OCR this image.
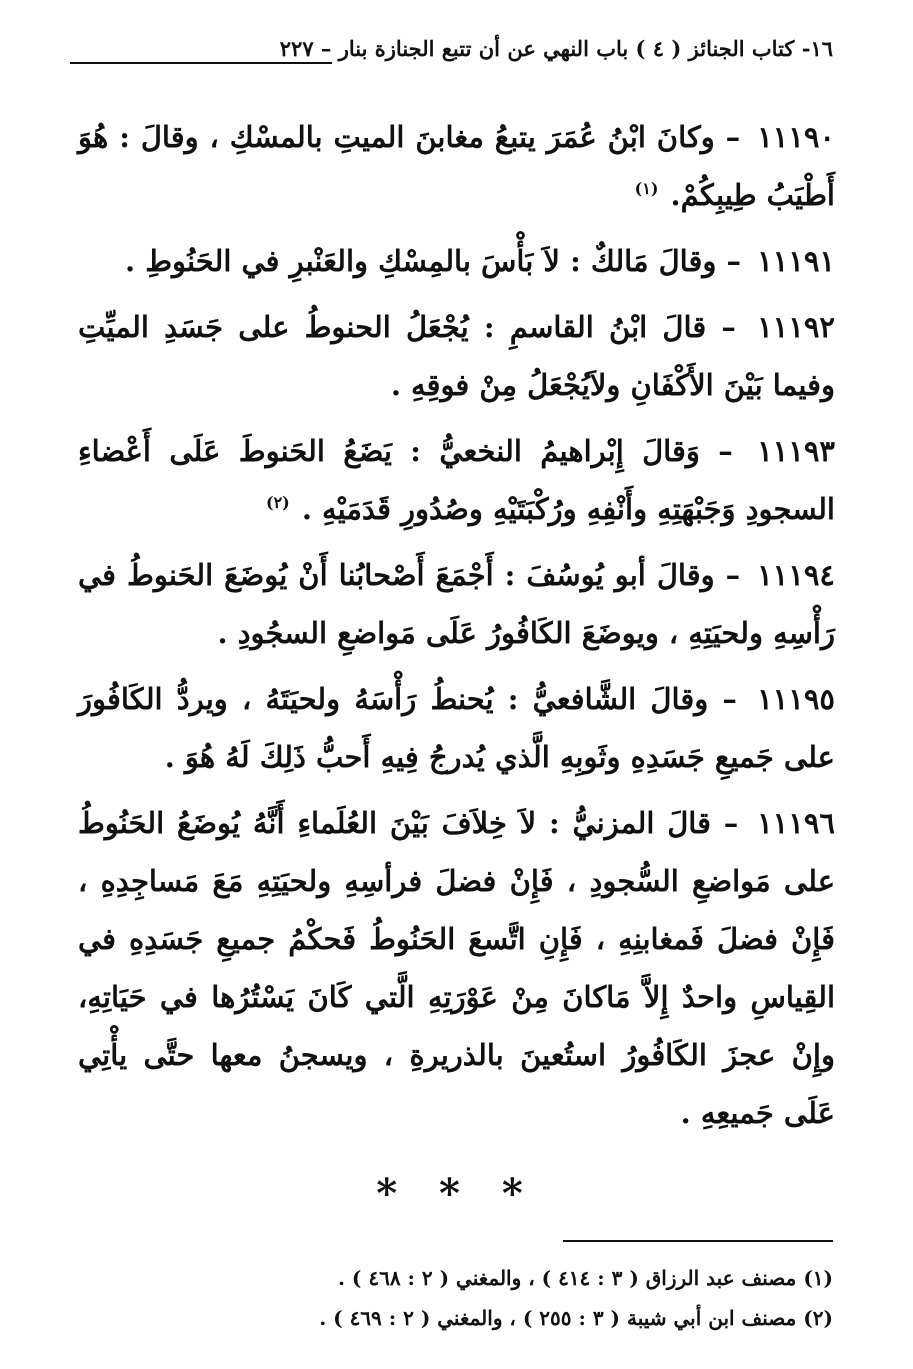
١٦- كتاب الجنائز ( ٤ ) باب النهي عن أن تتبع الجنازة بنار – ٢٢٧

١١١٩٠ – وكانَ ابْنُ عُمَرَ يتبعُ مغابنَ الميتِ بالمسْكِ ، وقالَ : هُوَ أَطْيَبُ طِيبِكُمْ. $^{(١)}$

١١١٩١ – وقالَ مَالكٌ : لاَ بَأْسَ بالمِسْكِ والعَنْبرِ في الحَنُوطِ .

١١١٩٢ – قالَ ابْنُ القاسمِ : يُجْعَلُ الحنوطُ على جَسَدِ الميِّتِ وفيما بَيْنَ الأَكْفَانِ ولاَيُجْعَلُ مِنْ فوقِهِ .

١١١٩٣ – وَقالَ إِبْراهيمُ النخعيُّ : يَضَعُ الحَنوطَ عَلَى أَعْضاءِ السجودِ وَجَبْهَتِهِ وأَنْفِهِ ورُكْبَتَيْهِ وصُدُورِ قَدَمَيْهِ . $^{(٢)}$

١١١٩٤ – وقالَ أبو يُوسُفَ : أَجْمَعَ أَصْحابُنا أَنْ يُوضَعَ الحَنوطُ في رَأْسِهِ ولحيَتِهِ ، ويوضَعَ الكَافُورُ عَلَى مَواضعِ السجُودِ .

١١١٩٥ – وقالَ الشَّافعيُّ : يُحنطُ رَأْسَهُ ولحيَتَهُ ، ويردُّ الكَافُورَ على جَميعِ جَسَدِهِ وثَوبِهِ الَّذي يُدرجُ فِيهِ أَحبُّ ذَلِكَ لَهُ هُوَ .

١١١٩٦ – قالَ المزنيُّ : لاَ خِلاَفَ بَيْنَ العُلَماءِ أَنَّهُ يُوضَعُ الحَنُوطُ على مَواضعِ السُّجودِ ، فَإِنْ فضلَ فرأسِهِ ولحيَتِهِ مَعَ مَساجِدِهِ ، فَإِنْ فضلَ فَمغابنِهِ ، فَإِنِ اتَّسعَ الحَنُوطُ فَحكْمُ جميعِ جَسَدِهِ في القِياسِ واحدٌ إِلاَّ مَاكانَ مِنْ عَوْرَتِهِ الَّتي كَانَ يَسْتُرُها في حَيَاتِهِ، وإِنْ عجزَ الكَافُورُ استُعينَ بالذريرةِ ، ويسجنُ معها حتَّى يأْتِي عَلَى جَميعِهِ .

* * *
(١) مصنف عبد الرزاق ( ٣ : ٤١٤ ) ، والمغني ( ٢ : ٤٦٨ ) .
(٢) مصنف ابن أبي شيبة ( ٣ : ٢٥٥ ) ، والمغني ( ٢ : ٤٦٩ ) .
